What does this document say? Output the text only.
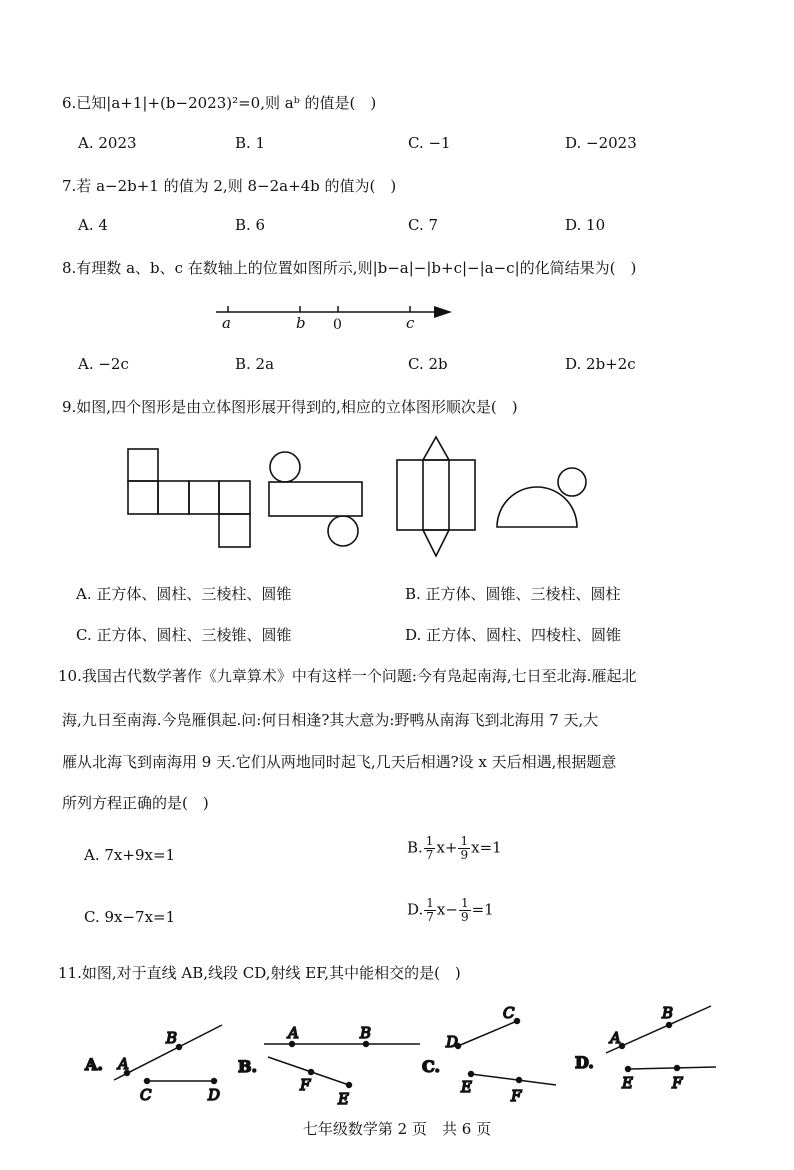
6.已知|a+1|+(b−2023)²=0,则 aᵇ 的值是(　)
A. 2023	B. 1	C. −1	D. −2023
7.若 a−2b+1 的值为 2,则 8−2a+4b 的值为(　)
A. 4	B. 6	C. 7	D. 10
8.有理数 a、b、c 在数轴上的位置如图所示,则|b−a|−|b+c|−|a−c|的化简结果为(　)
a	b 0	c
A. −2c	B. 2a	C. 2b	D. 2b+2c
9.如图,四个图形是由立体图形展开得到的,相应的立体图形顺次是(　)
A. 正方体、圆柱、三棱柱、圆锥	B. 正方体、圆锥、三棱柱、圆柱
C. 正方体、圆柱、三棱锥、圆锥	D. 正方体、圆柱、四棱柱、圆锥
10.我国古代数学著作《九章算术》中有这样一个问题:今有凫起南海,七日至北海.雁起北
海,九日至南海.今凫雁俱起.问:何日相逢?其大意为:野鸭从南海飞到北海用 7 天,大
雁从北海飞到南海用 9 天.它们从两地同时起飞,几天后相遇?设 x 天后相遇,根据题意
所列方程正确的是(　)
A. 7x+9x=1	B. $\frac{1}{7} x+ \frac{1}{9} x=1$
C. 9x−7x=1	D. $\frac{1}{7} x- \frac{1}{9} =1$
11.如图,对于直线 AB,线段 CD,射线 EF,其中能相交的是(　)
A. A
B
C	D
B.
A	B
F
E
C.
D
C
E	F
D.
A
B
E	F
七年级数学第 2 页　共 6 页
